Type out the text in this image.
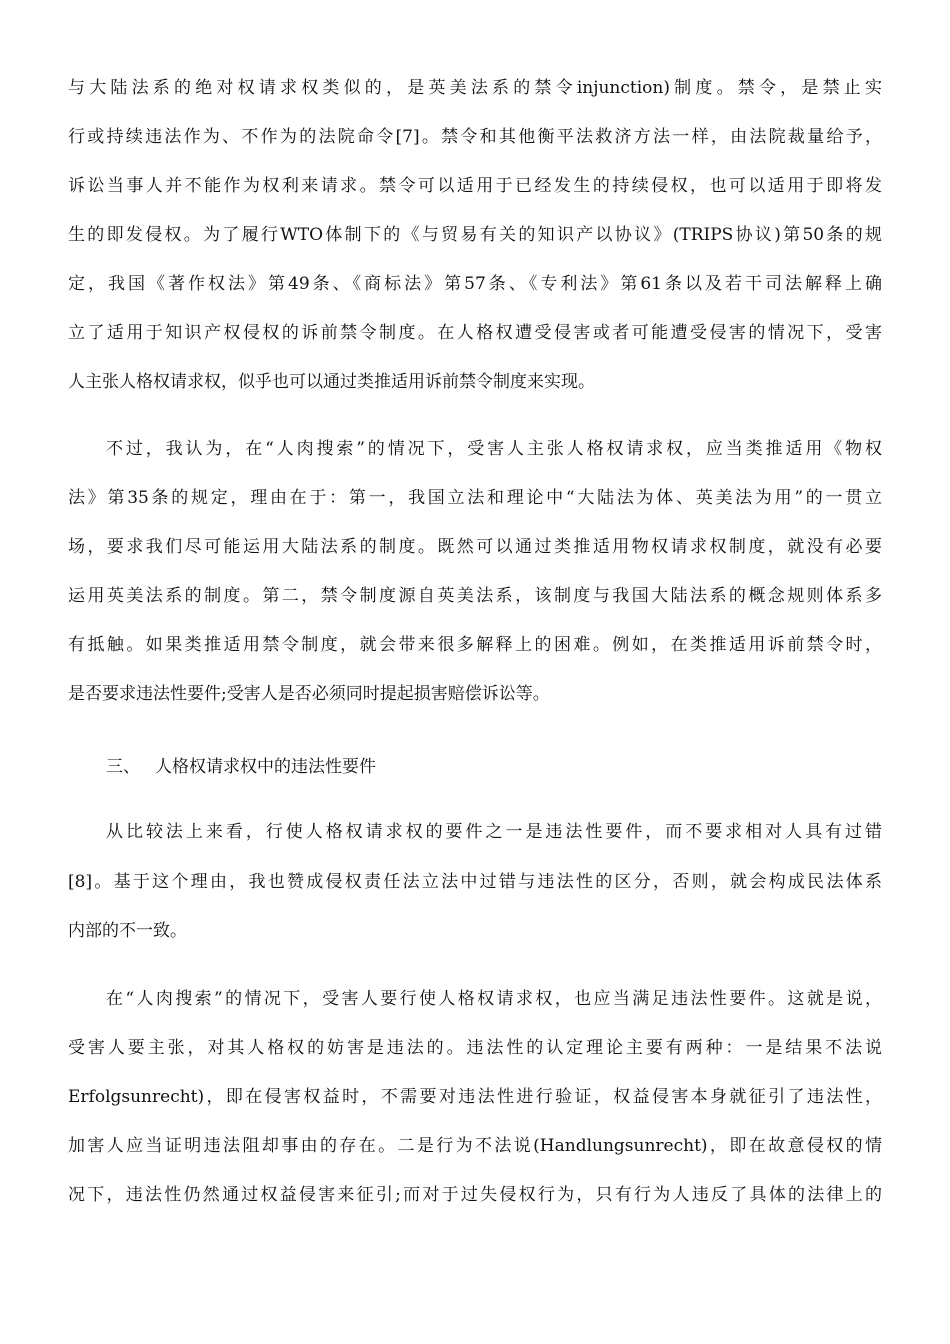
与大陆法系的绝对权请求权类似的，是英美法系的禁令injunction)制度。禁令，是禁止实
行或持续违法作为、不作为的法院命令[7]。禁令和其他衡平法救济方法一样，由法院裁量给予，
诉讼当事人并不能作为权利来请求。禁令可以适用于已经发生的持续侵权，也可以适用于即将发
生的即发侵权。为了履行WTO体制下的《与贸易有关的知识产以协议》(TRIPS协议)第50条的规
定，我国《著作权法》第49条、《商标法》第57条、《专利法》第61条以及若干司法解释上确
立了适用于知识产权侵权的诉前禁令制度。在人格权遭受侵害或者可能遭受侵害的情况下，受害
人主张人格权请求权，似乎也可以通过类推适用诉前禁令制度来实现。
不过，我认为，在“人肉搜索”的情况下，受害人主张人格权请求权，应当类推适用《物权
法》第35条的规定，理由在于：第一，我国立法和理论中“大陆法为体、英美法为用”的一贯立
场，要求我们尽可能运用大陆法系的制度。既然可以通过类推适用物权请求权制度，就没有必要
运用英美法系的制度。第二，禁令制度源自英美法系，该制度与我国大陆法系的概念规则体系多
有抵触。如果类推适用禁令制度，就会带来很多解释上的困难。例如，在类推适用诉前禁令时，
是否要求违法性要件;受害人是否必须同时提起损害赔偿诉讼等。
三、 人格权请求权中的违法性要件
从比较法上来看，行使人格权请求权的要件之一是违法性要件，而不要求相对人具有过错
[8]。基于这个理由，我也赞成侵权责任法立法中过错与违法性的区分，否则，就会构成民法体系
内部的不一致。
在“人肉搜索”的情况下，受害人要行使人格权请求权，也应当满足违法性要件。这就是说，
受害人要主张，对其人格权的妨害是违法的。违法性的认定理论主要有两种：一是结果不法说
Erfolgsunrecht)，即在侵害权益时，不需要对违法性进行验证，权益侵害本身就征引了违法性，
加害人应当证明违法阻却事由的存在。二是行为不法说(Handlungsunrecht)，即在故意侵权的情
况下，违法性仍然通过权益侵害来征引;而对于过失侵权行为，只有行为人违反了具体的法律上的
